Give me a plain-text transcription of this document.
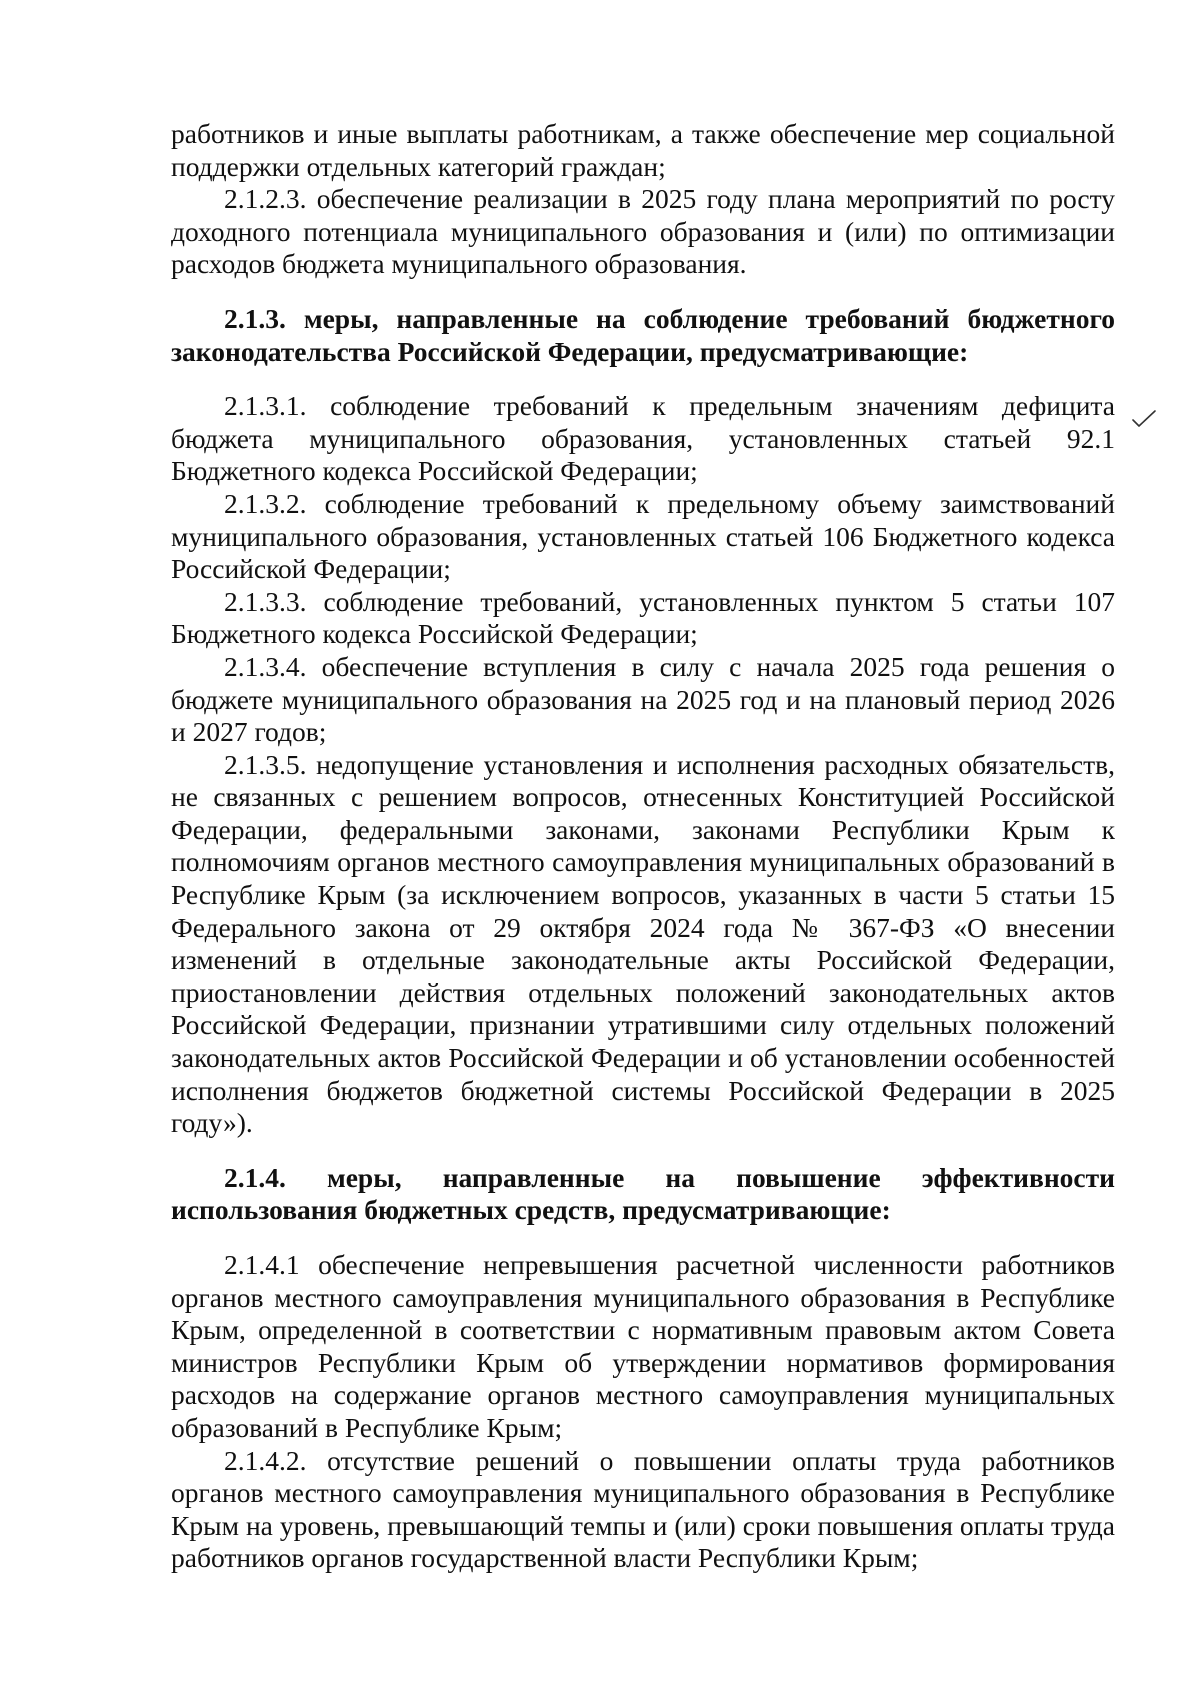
работников и иные выплаты работникам, а также обеспечение мер социальной поддержки отдельных категорий граждан;

2.1.2.3. обеспечение реализации в 2025 году плана мероприятий по росту доходного потенциала муниципального образования и (или) по оптимизации расходов бюджета муниципального образования.

2.1.3. меры, направленные на соблюдение требований бюджетного законодательства Российской Федерации, предусматривающие:

2.1.3.1. соблюдение требований к предельным значениям дефицита бюджета муниципального образования, установленных статьей 92.1 Бюджетного кодекса Российской Федерации;

2.1.3.2. соблюдение требований к предельному объему заимствований муниципального образования, установленных статьей 106 Бюджетного кодекса Российской Федерации;

2.1.3.3. соблюдение требований, установленных пунктом 5 статьи 107 Бюджетного кодекса Российской Федерации;

2.1.3.4. обеспечение вступления в силу с начала 2025 года решения о бюджете муниципального образования на 2025 год и на плановый период 2026 и 2027 годов;

2.1.3.5. недопущение установления и исполнения расходных обязательств, не связанных с решением вопросов, отнесенных Конституцией Российской Федерации, федеральными законами, законами Республики Крым к полномочиям органов местного самоуправления муниципальных образований в Республике Крым (за исключением вопросов, указанных в части 5 статьи 15 Федерального закона от 29 октября 2024 года № 367-ФЗ «О внесении изменений в отдельные законодательные акты Российской Федерации, приостановлении действия отдельных положений законодательных актов Российской Федерации, признании утратившими силу отдельных положений законодательных актов Российской Федерации и об установлении особенностей исполнения бюджетов бюджетной системы Российской Федерации в 2025 году»).

2.1.4. меры, направленные на повышение эффективности использования бюджетных средств, предусматривающие:

2.1.4.1 обеспечение непревышения расчетной численности работников органов местного самоуправления муниципального образования в Республике Крым, определенной в соответствии с нормативным правовым актом Совета министров Республики Крым об утверждении нормативов формирования расходов на содержание органов местного самоуправления муниципальных образований в Республике Крым;

2.1.4.2. отсутствие решений о повышении оплаты труда работников органов местного самоуправления муниципального образования в Республике Крым на уровень, превышающий темпы и (или) сроки повышения оплаты труда работников органов государственной власти Республики Крым;
